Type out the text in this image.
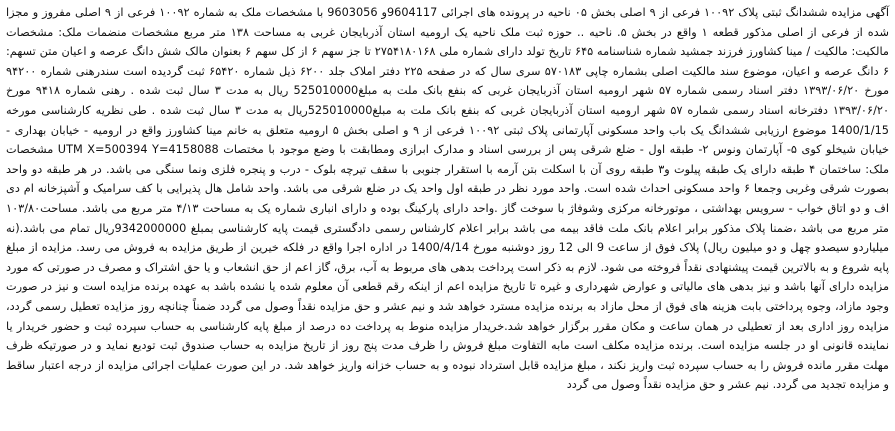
آگهی مزایده ششدانگ ثبتی پلاک ۱۰۰۹۲ فرعی از ۹ اصلی بخش ۰۵ ناحیه در پرونده های اجرائی 9604117و 9603056 با مشخصات ملک به شماره ۱۰۰۹۲ فرعی از ۹ اصلی مفروز و مجزا شده از فرعی از اصلی مذکور قطعه ۱ واقع در بخش ۵. ناحیه .. حوزه ثبت ملک ناحیه یک ارومیه استان آذربایجان غربی به مساحت ۱۳۸ متر مربع مشخصات منضمات ملک: مشخصات مالکیت: مالکیت / مینا کشاورز فرزند جمشید شماره شناسنامه ۶۴۵ تاریخ تولد دارای شماره ملی ۲۷۵۴۱۸۰۱۶۸ تا جز سهم ۶ از کل سهم ۶ بعنوان مالک شش دانگ عرصه و اعیان متن تسهم: ۶ دانگ عرصه و اعیان، موضوع سند مالکیت اصلی بشماره چاپی ۵۷۰۱۸۳ سری سال که در صفحه ۲۲۵ دفتر املاک جلد ۶۲۰۰ ذیل شماره ۶۵۴۲۰ ثبت گردیده است سندرهنی شماره ۹۴۲۰۰ مورخ ۱۳۹۳/۰۶/۲۰ دفتر اسناد رسمی شماره ۵۷ شهر ارومیه استان آذربایجان غربی که بنفع بانک ملت به مبلغ525010000 ریال به مدت ۳ سال ثبت شده . رهنی شماره ۹۴۱۸ مورخ ۱۳۹۳/۰۶/۲۰ دفترخانه اسناد رسمی شماره ۵۷ شهر ارومیه استان آذربایجان غربی که بنفع بانک ملت به مبلغ525010000ریال به مدت ۳ سال ثبت شده . طی نظریه کارشناسی مورخه 1400/1/15 موضوع ارزیابی ششدانگ یک باب واحد مسکونی آپارتمانی پلاک ثبتی ۱۰۰۹۲ فرعی از ۹ و اصلی بخش ۵ ارومیه متعلق به خانم مینا کشاورز واقع در ارومیه - خیابان بهداری - خیابان شیخلو کوی ۵- آپارتمان ونوس ۲- طبقه اول - ضلع شرقی پس از بررسی اسناد و مدارک ابرازی ومطابقت با وضع موجود با مختصات UTM X=500394 Y=4158088 مشخصات ملک: ساختمان ۴ طبقه دارای یک طبقه پیلوت و۳ طبقه روی آن با اسکلت بتن آرمه با استقرار جنوبی با سقف تیرچه بلوک - درب و پنجره فلزی ونما سنگی می باشد. در هر طبقه دو واحد بصورت شرقی وغربی وجمعا ۶ واحد مسکونی احداث شده است. واحد مورد نظر در طبقه اول واحد یک در ضلع شرقی می باشد. واحد شامل هال پذیرایی با کف سرامیک و آشپزخانه ام دی اف و دو اتاق خواب - سرویس بهداشتی ، موتورخانه مرکزی وشوفاژ با سوخت گاز .واحد دارای پارکینگ بوده و دارای انباری شماره یک به مساحت ۴/۱۳ متر مربع می باشد. مساحت۱۰۳/۸۰ متر مربع می باشد ،ضمنا پلاک مذکور برابر اعلام بانک ملت فاقد بیمه می باشد برابر اعلام کارشناس رسمی دادگستری قیمت پایه کارشناسی بمبلغ 9342000000ریال تمام می باشد.(نه میلیاردو سیصدو چهل و دو میلیون ریال) پلاک فوق از ساعت 9 الی 12 روز دوشنبه مورخ 1400/4/14 در اداره اجرا واقع در فلکه خیرین از طریق مزایده به فروش می رسد. مزایده از مبلغ پایه شروع و به بالاترین قیمت پیشنهادی نقداً فروخته می شود. لازم به ذکر است پرداخت بدهی های مربوط به آب، برق، گاز اعم از حق انشعاب و یا حق اشتراک و مصرف در صورتی که مورد مزایده دارای آنها باشد و نیز بدهی های مالیاتی و عوارض شهرداری و غیره تا تاریخ مزایده اعم از اینکه رقم قطعی آن معلوم شده یا نشده باشد به عهده برنده مزایده است و نیز در صورت وجود مازاد، وجوه پرداختی بابت هزینه های فوق از محل مازاد به برنده مزایده مسترد خواهد شد و نیم عشر و حق مزایده نقداً وصول می گردد ضمناً چنانچه روز مزایده تعطیل رسمی گردد، مزایده روز اداری بعد از تعطیلی در همان ساعت و مکان مقرر برگزار خواهد شد.خریدار مزایده منوط به پرداخت ده درصد از مبلغ پایه کارشناسی به حساب سپرده ثبت و حضور خریدار یا نماینده قانونی او در جلسه مزایده است. برنده مزایده مکلف است مابه التفاوت مبلغ فروش را ظرف مدت پنج روز از تاریخ مزایده به حساب صندوق ثبت تودیع نماید و در صورتیکه ظرف مهلت مقرر مانده فروش را به حساب سپرده ثبت واریز نکند ، مبلغ مزایده قابل استرداد نبوده و به حساب خزانه واریز خواهد شد. در این صورت عملیات اجرائی مزایده از درجه اعتبار ساقط و مزایده تجدید می گردد. نیم عشر و حق مزایده نقداً وصول می گردد
